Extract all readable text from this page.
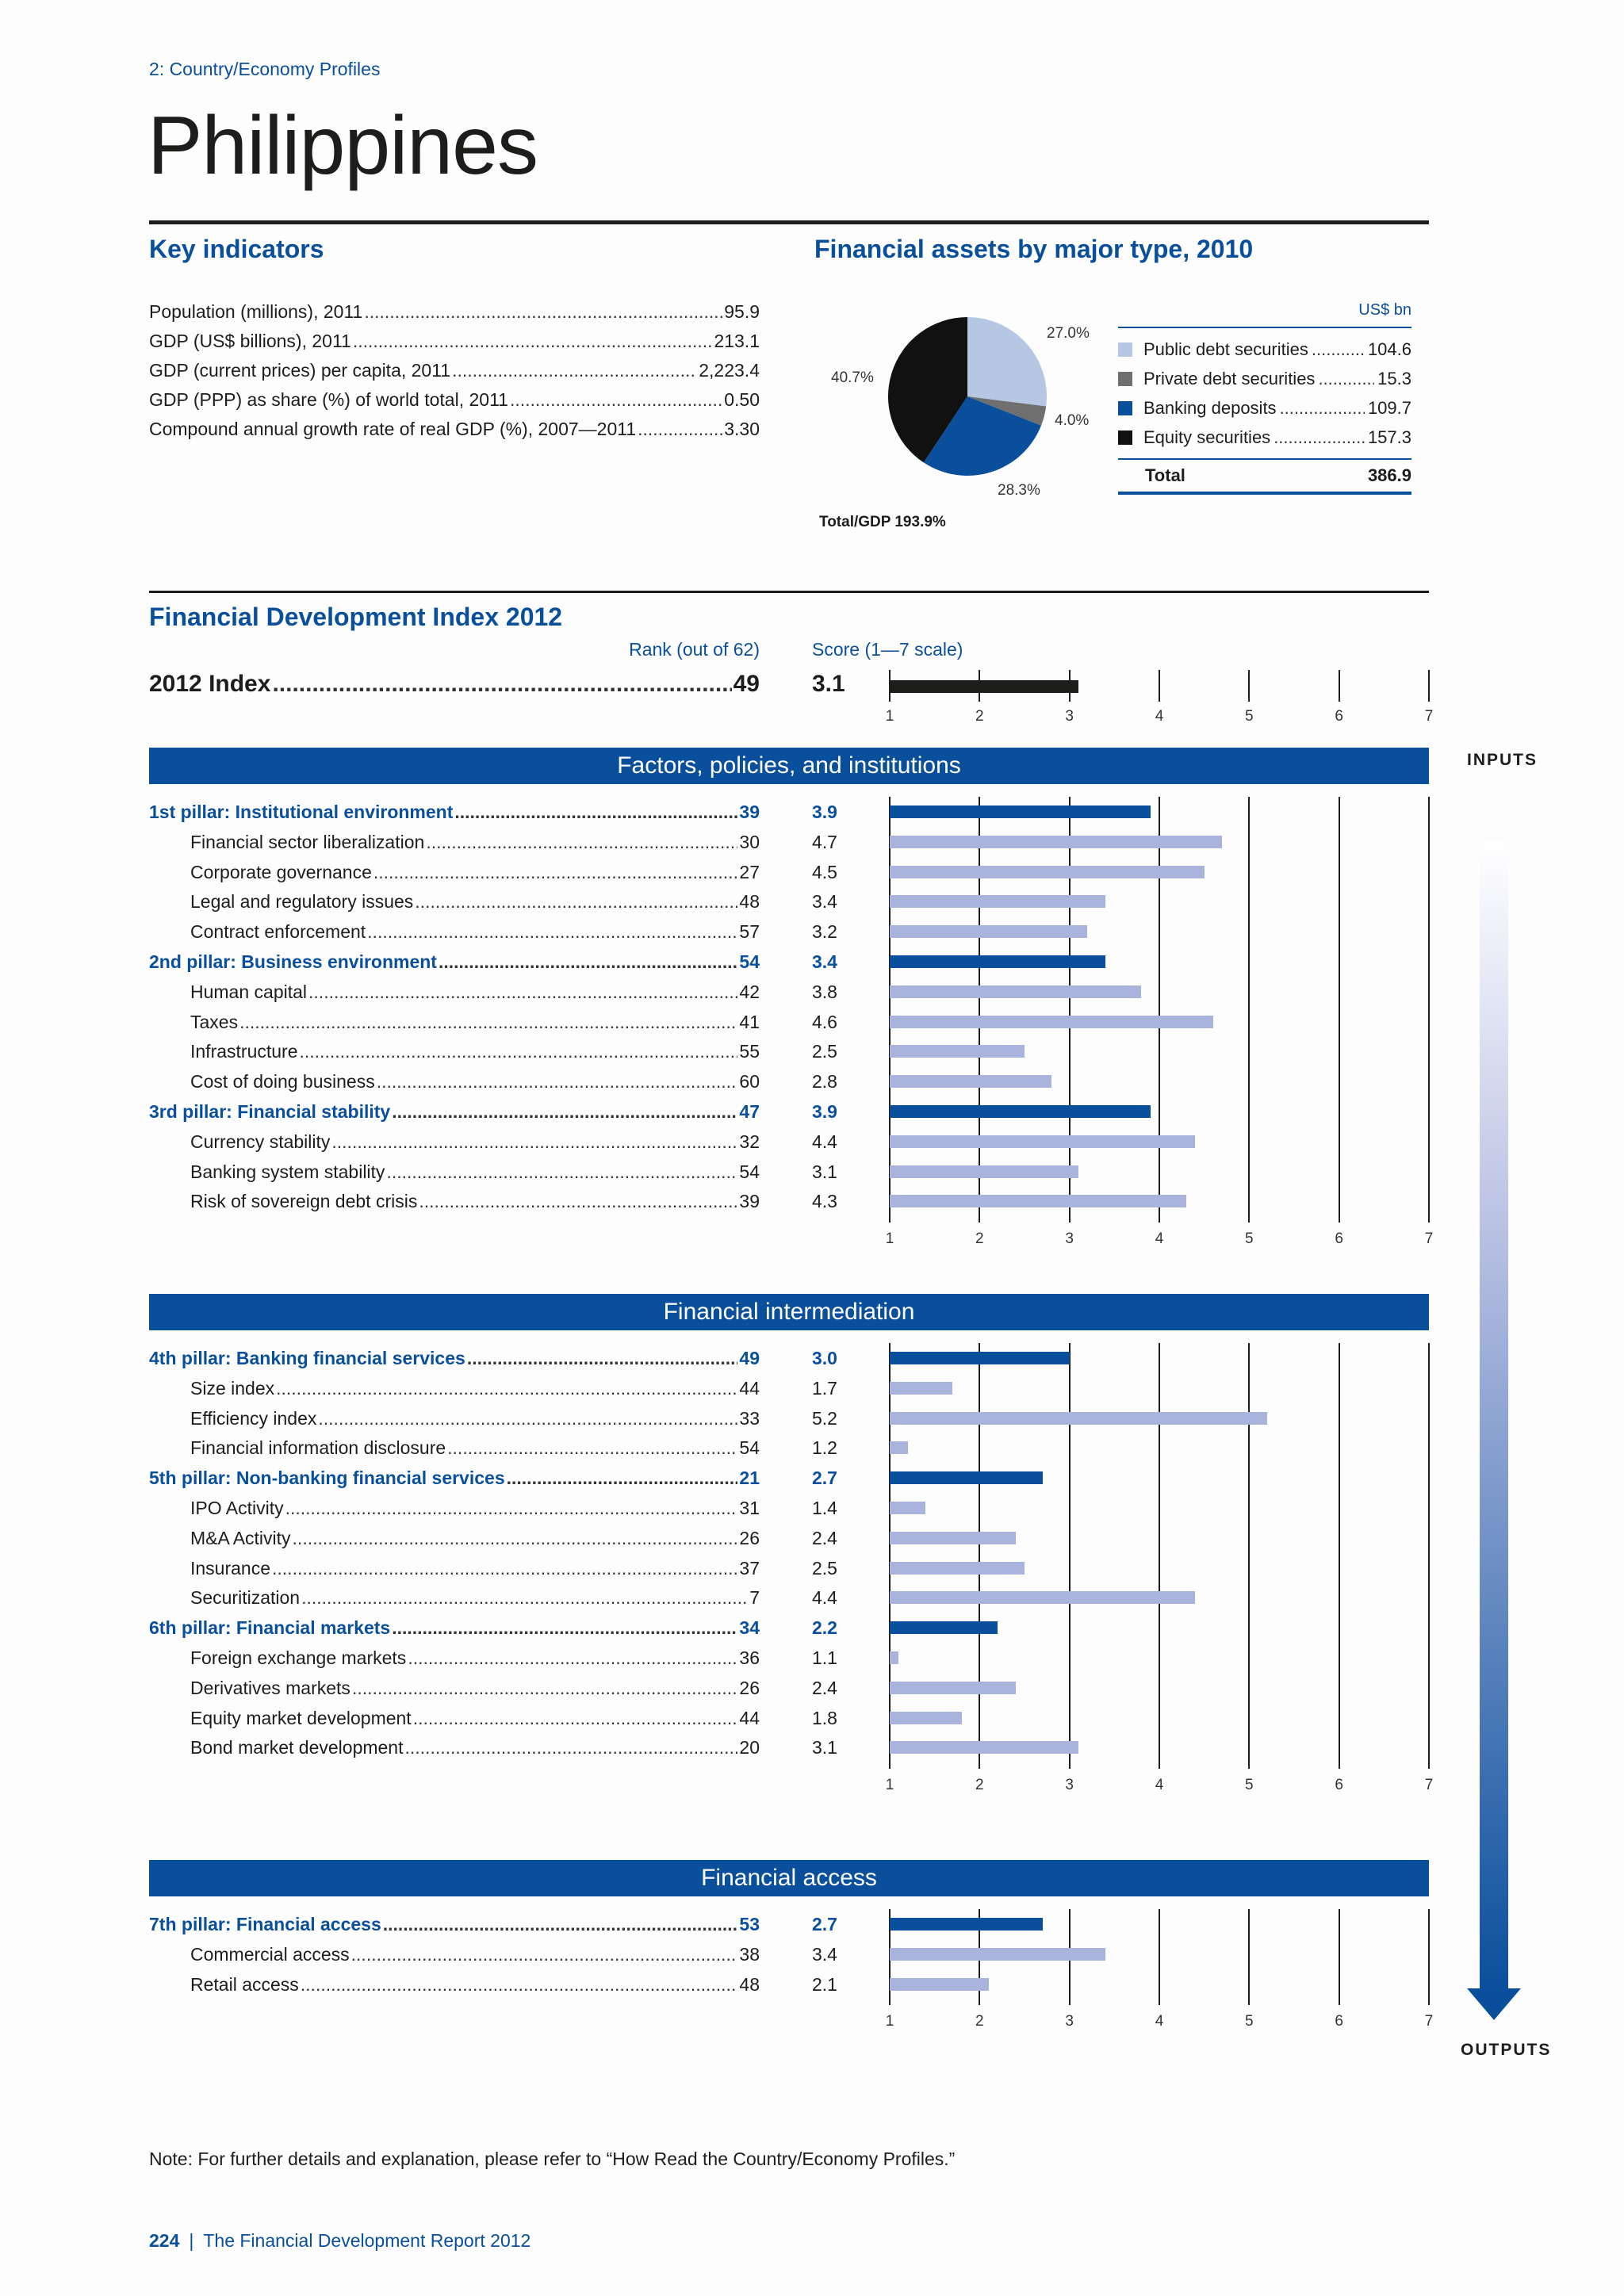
2: Country/Economy Profiles
Philippines
Key indicators
Population (millions), 2011 .....	95.9
GDP (US$ billions), 2011 .....	213.1
GDP (current prices) per capita, 2011 .....	2,223.4
GDP (PPP) as share (%) of world total, 2011 .....	0.50
Compound annual growth rate of real GDP (%), 2007—2011 .....	3.30
Financial assets by major type, 2010
27.0%
4.0%
28.3%
40.7%
Total/GDP 193.9%
US$ bn
Public debt securities .....	104.6
Private debt securities .....	15.3
Banking deposits .....	109.7
Equity securities .....	157.3
Total	386.9
Financial Development Index 2012
Rank (out of 62)	Score (1—7 scale)
2012 Index .....	49 3.1
1	2	3	4	5	6	7
Factors, policies, and institutions
1	2	3	4	5	6	7
1st pillar: Institutional environment .....	39	3.9
Financial sector liberalization .....	30	4.7
Corporate governance .....	27	4.5
Legal and regulatory issues .....	48	3.4
Contract enforcement .....	57	3.2
2nd pillar: Business environment .....	54	3.4
Human capital .....	42	3.8
Taxes .....	41	4.6
Infrastructure .....	55	2.5
Cost of doing business .....	60	2.8
3rd pillar: Financial stability .....	47	3.9
Currency stability .....	32	4.4
Banking system stability .....	54	3.1
Risk of sovereign debt crisis .....	39	4.3
Financial intermediation
1	2	3	4	5	6	7
4th pillar: Banking financial services .....	49	3.0
Size index .....	44	1.7
Efficiency index .....	33	5.2
Financial information disclosure .....	54	1.2
5th pillar: Non-banking financial services .....	21	2.7
IPO Activity .....	31	1.4
M&A Activity .....	26	2.4
Insurance .....	37	2.5
Securitization .....	7	4.4
6th pillar: Financial markets .....	34	2.2
Foreign exchange markets .....	36	1.1
Derivatives markets .....	26	2.4
Equity market development .....	44	1.8
Bond market development .....	20	3.1
Financial access
1	2	3	4	5	6	7
7th pillar: Financial access .....	53	2.7
Commercial access .....	38	3.4
Retail access .....	48	2.1
INPUTS
OUTPUTS
Note: For further details and explanation, please refer to “How Read the Country/Economy Profiles.”
224 | The Financial Development Report 2012
